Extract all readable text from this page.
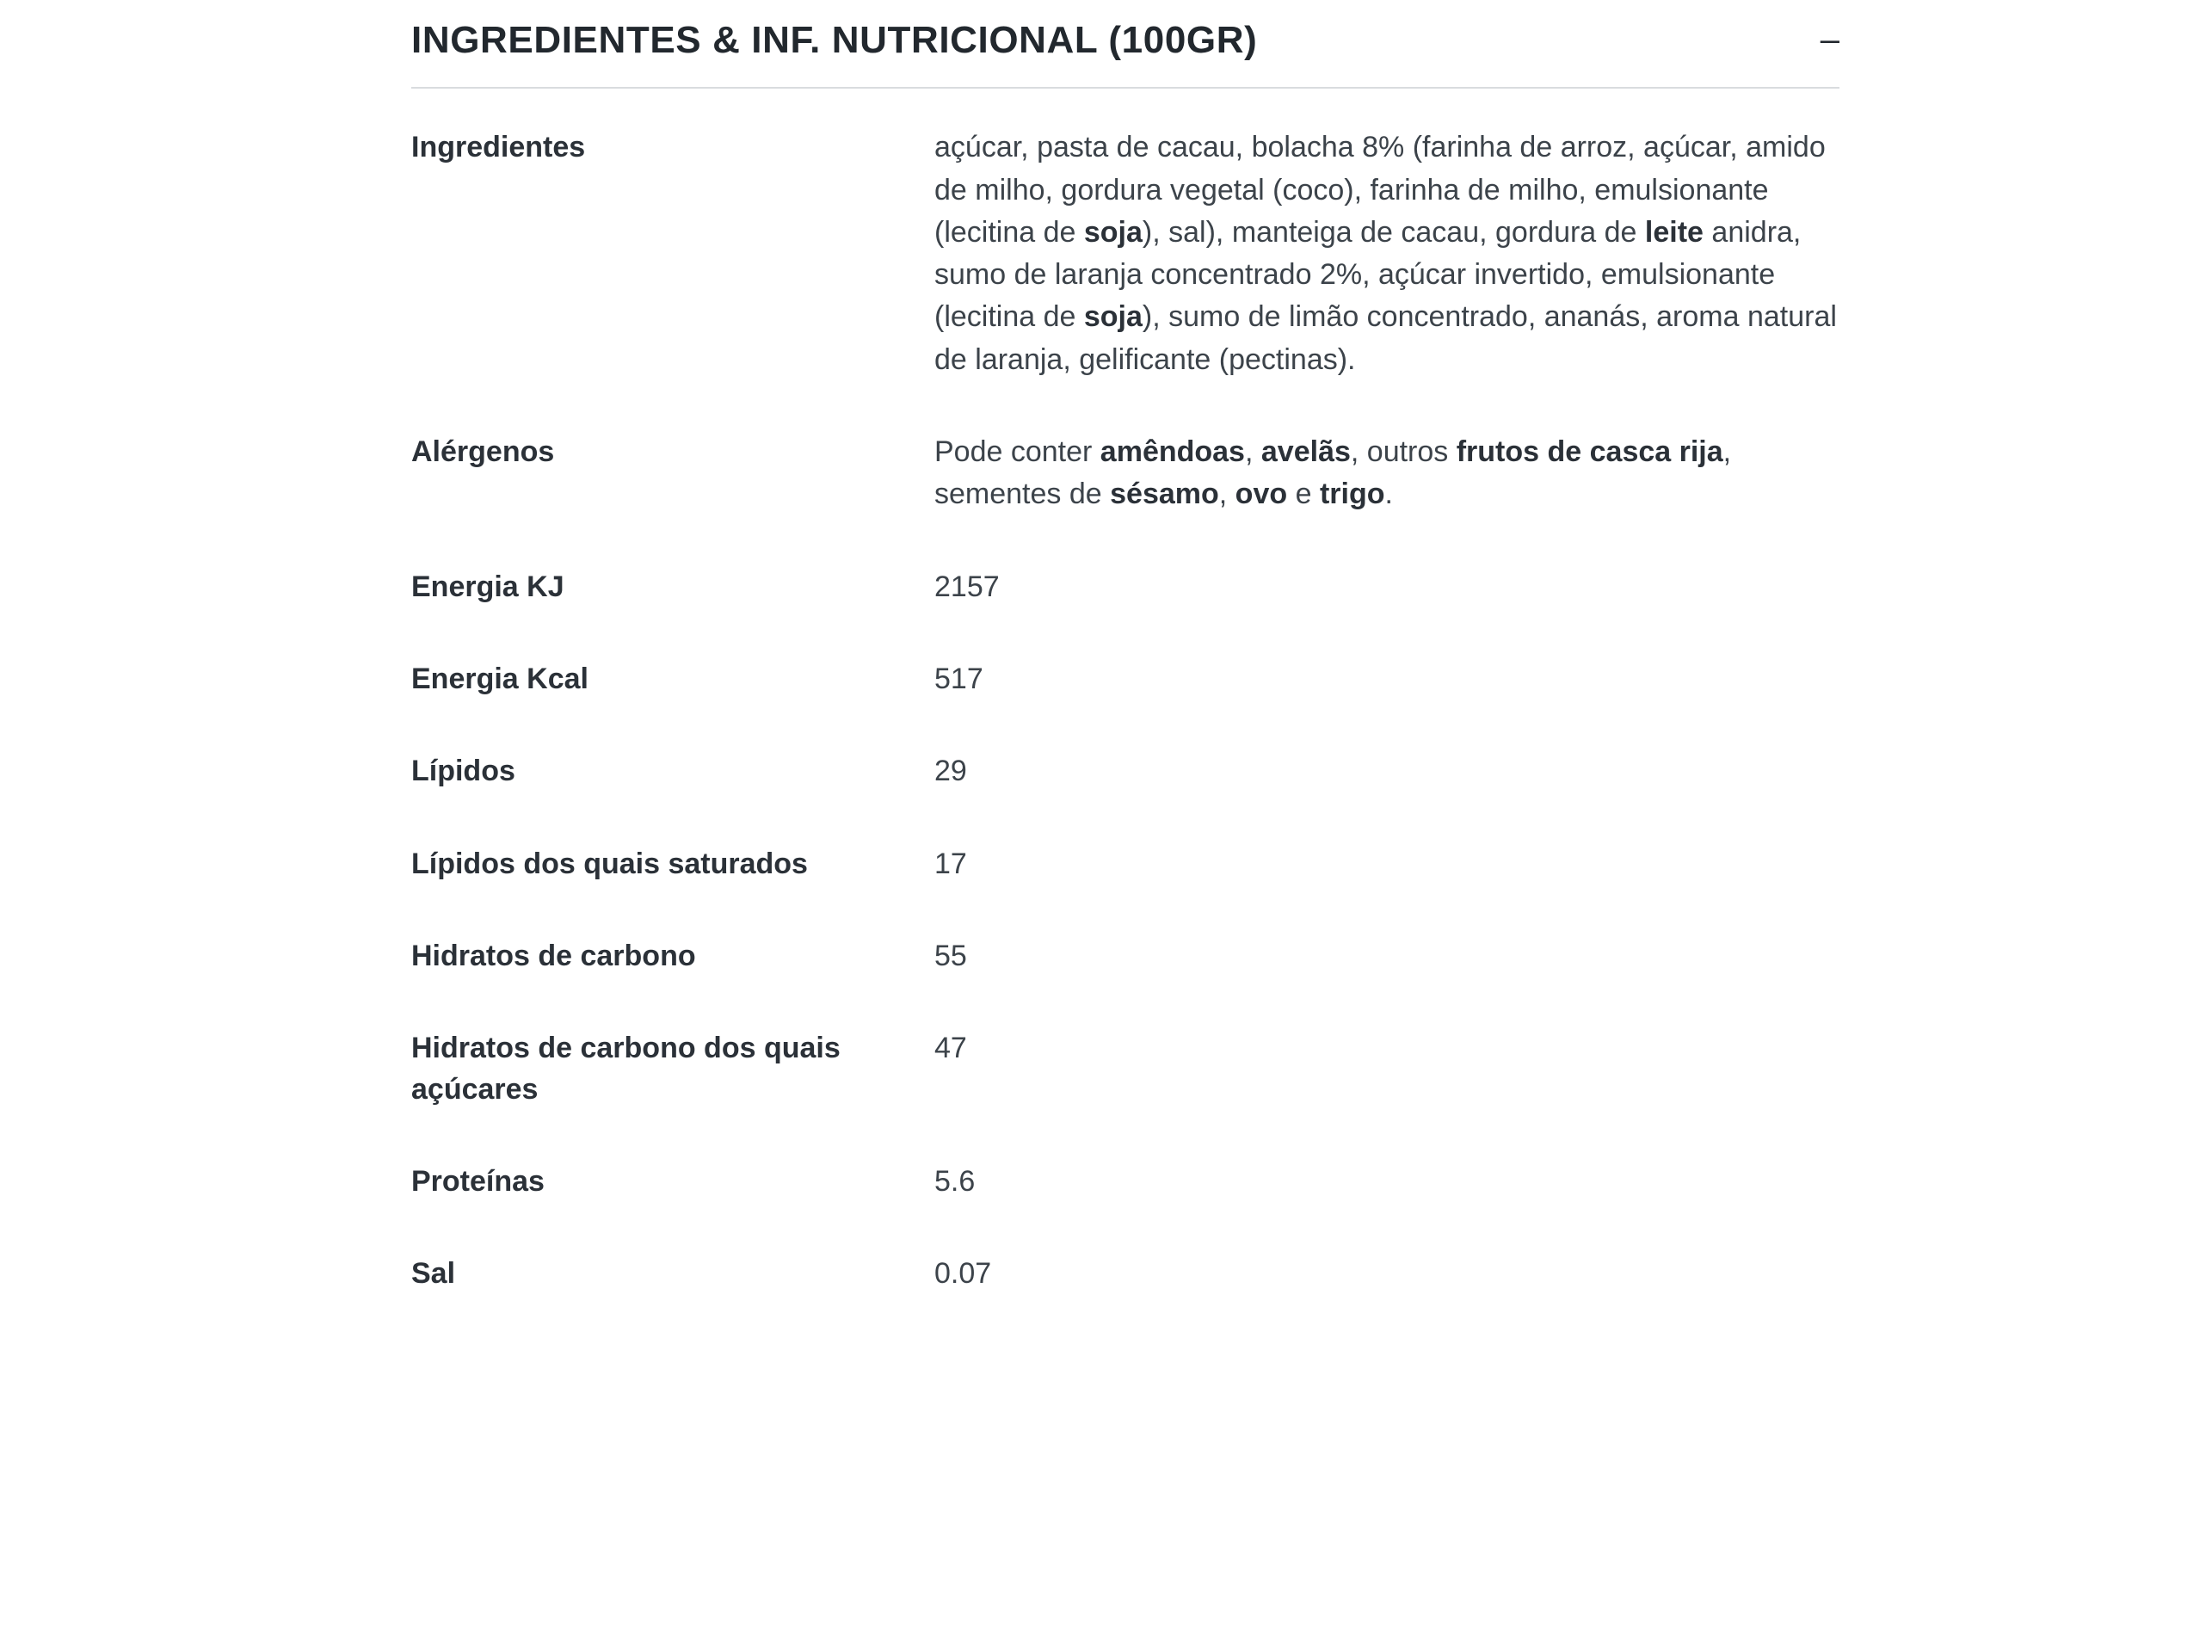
INGREDIENTES & INF. NUTRICIONAL (100GR)	–
Ingredientes	açúcar, pasta de cacau, bolacha 8% (farinha de arroz, açúcar, amido de milho, gordura vegetal (coco), farinha de milho, emulsionante (lecitina de soja), sal), manteiga de cacau, gordura de leite anidra, sumo de laranja concentrado 2%, açúcar invertido, emulsionante (lecitina de soja), sumo de limão concentrado, ananás, aroma natural de laranja, gelificante (pectinas).
Alérgenos	Pode conter amêndoas, avelãs, outros frutos de casca rija, sementes de sésamo, ovo e trigo.
Energia KJ	2157
Energia Kcal	517
Lípidos	29
Lípidos dos quais saturados	17
Hidratos de carbono	55
Hidratos de carbono dos quais açúcares	47
Proteínas	5.6
Sal	0.07
